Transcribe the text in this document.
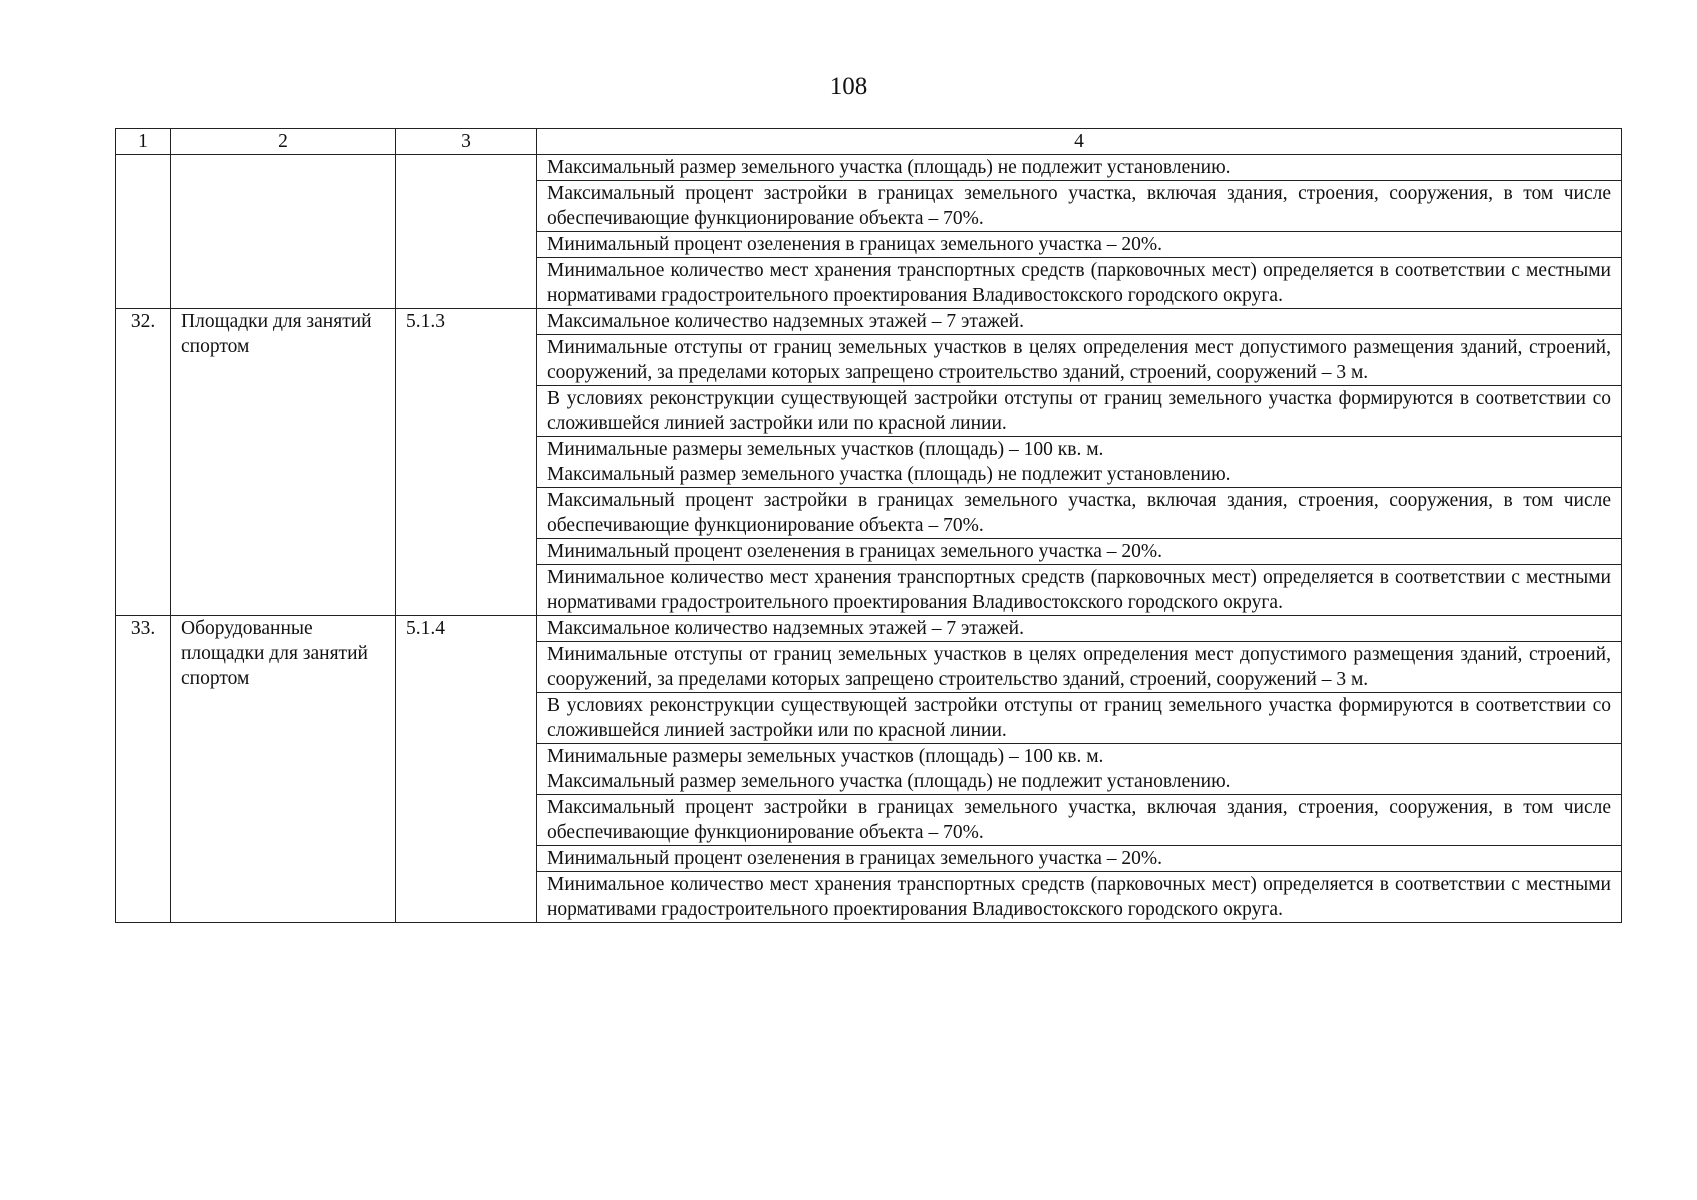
108
1	2	3	4

			Максимальный размер земельного участка (площадь) не подлежит установлению.

			Максимальный процент застройки в границах земельного участка, включая здания, строения, сооружения, в том числе обеспечивающие функционирование объекта – 70%.

			Минимальный процент озеленения в границах земельного участка – 20%.

			Минимальное количество мест хранения транспортных средств (парковочных мест) определяется в соответствии с местными нормативами градостроительного проектирования Владивостокского городского округа.

32.	Площадки для занятий спортом	5.1.3	Максимальное количество надземных этажей – 7 этажей.

			Минимальные отступы от границ земельных участков в целях определения мест допустимого размещения зданий, строений, сооружений, за пределами которых запрещено строительство зданий, строений, сооружений – 3 м.

			В условиях реконструкции существующей застройки отступы от границ земельного участка формируются в соответствии со сложившейся линией застройки или по красной линии.

			Минимальные размеры земельных участков (площадь) – 100 кв. м.
Максимальный размер земельного участка (площадь) не подлежит установлению.

			Максимальный процент застройки в границах земельного участка, включая здания, строения, сооружения, в том числе обеспечивающие функционирование объекта – 70%.

			Минимальный процент озеленения в границах земельного участка – 20%.

			Минимальное количество мест хранения транспортных средств (парковочных мест) определяется в соответствии с местными нормативами градостроительного проектирования Владивостокского городского округа.

33.	Оборудованные площадки для занятий спортом	5.1.4	Максимальное количество надземных этажей – 7 этажей.

			Минимальные отступы от границ земельных участков в целях определения мест допустимого размещения зданий, строений, сооружений, за пределами которых запрещено строительство зданий, строений, сооружений – 3 м.

			В условиях реконструкции существующей застройки отступы от границ земельного участка формируются в соответствии со сложившейся линией застройки или по красной линии.

			Минимальные размеры земельных участков (площадь) – 100 кв. м.
Максимальный размер земельного участка (площадь) не подлежит установлению.

			Максимальный процент застройки в границах земельного участка, включая здания, строения, сооружения, в том числе обеспечивающие функционирование объекта – 70%.

			Минимальный процент озеленения в границах земельного участка – 20%.

			Минимальное количество мест хранения транспортных средств (парковочных мест) определяется в соответствии с местными нормативами градостроительного проектирования Владивостокского городского округа.
